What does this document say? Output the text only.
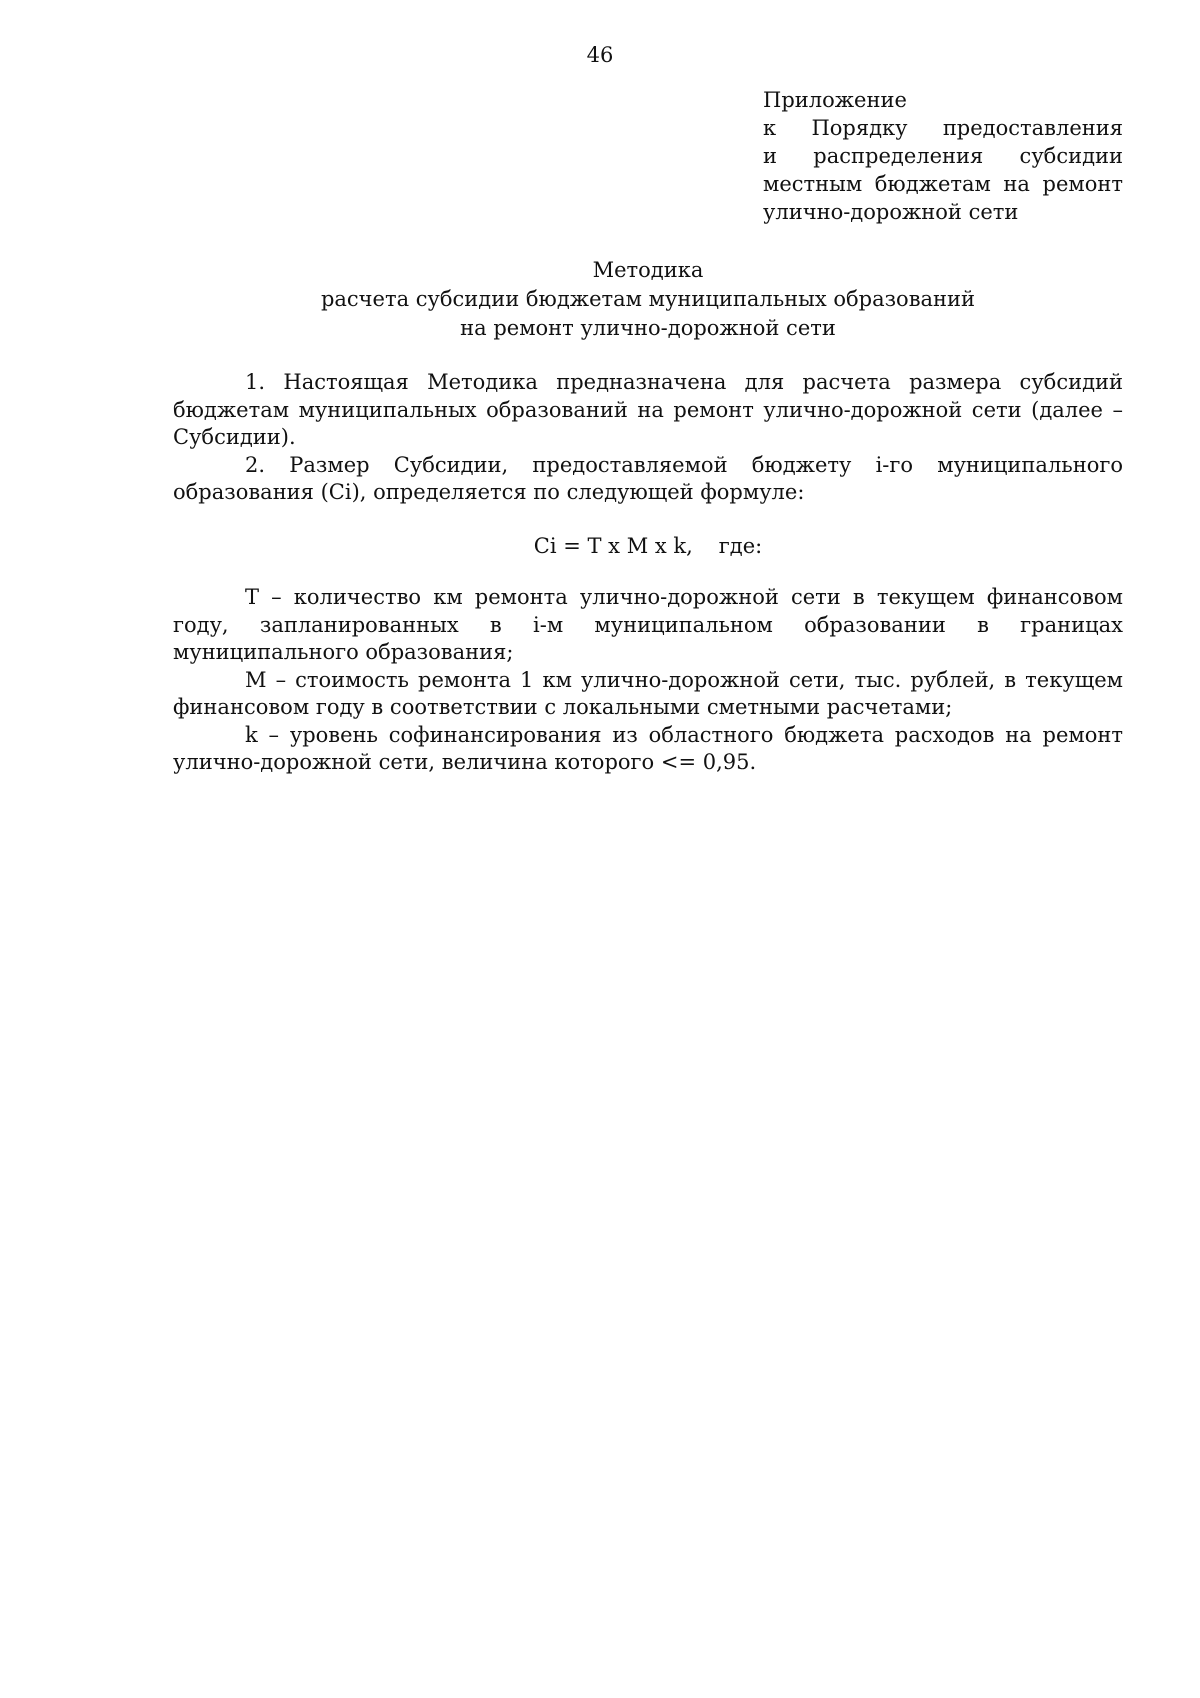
46
Приложение
к Порядку предоставления
и распределения субсидии
местным бюджетам на ремонт
улично-дорожной сети
Методика
расчета субсидии бюджетам муниципальных образований
на ремонт улично-дорожной сети

1. Настоящая Методика предназначена для расчета размера субсидий бюджетам муниципальных образований на ремонт улично-дорожной сети (далее – Субсидии).

2. Размер Субсидии, предоставляемой бюджету i-го муниципального образования (Ci), определяется по следующей формуле:

Ci = T x M x k, где:

T – количество км ремонта улично-дорожной сети в текущем финансовом году, запланированных в i-м муниципальном образовании в границах муниципального образования;

M – стоимость ремонта 1 км улично-дорожной сети, тыс. рублей, в текущем финансовом году в соответствии с локальными сметными расчетами;

k – уровень софинансирования из областного бюджета расходов на ремонт улично-дорожной сети, величина которого <= 0,95.
